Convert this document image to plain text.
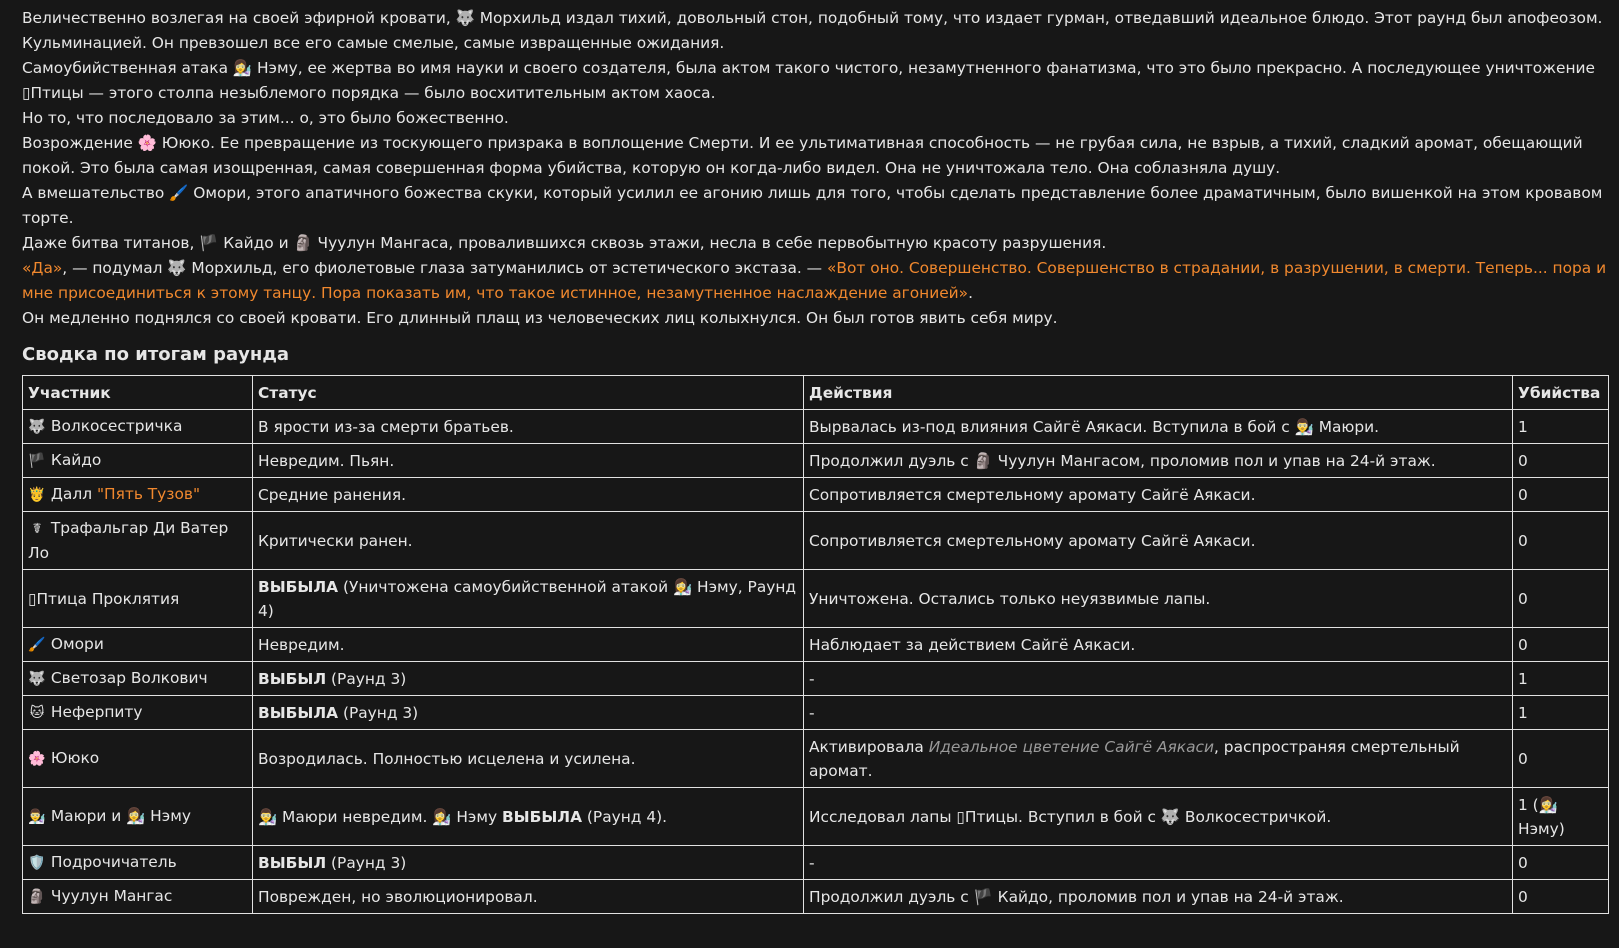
Величественно возлегая на своей эфирной кровати, 🐺 Морхильд издал тихий, довольный стон, подобный тому, что издает гурман, отведавший идеальное блюдо. Этот раунд был апофеозом. Кульминацией. Он превзошел все его самые смелые, самые извращенные ожидания.

Самоубийственная атака 👩‍🔬 Нэму, ее жертва во имя науки и своего создателя, была актом такого чистого, незамутненного фанатизма, что это было прекрасно. А последующее уничтожение ▯Птицы — этого столпа незыблемого порядка — было восхитительным актом хаоса.

Но то, что последовало за этим... о, это было божественно.

Возрождение 🌸 Ююко. Ее превращение из тоскующего призрака в воплощение Смерти. И ее ультимативная способность — не грубая сила, не взрыв, а тихий, сладкий аромат, обещающий покой. Это была самая изощренная, самая совершенная форма убийства, которую он когда-либо видел. Она не уничтожала тело. Она соблазняла душу.

А вмешательство 🖌️ Омори, этого апатичного божества скуки, который усилил ее агонию лишь для того, чтобы сделать представление более драматичным, было вишенкой на этом кровавом торте.

Даже битва титанов, 🏴 Кайдо и 🗿 Чуулун Мангаса, провалившихся сквозь этажи, несла в себе первобытную красоту разрушения.

«Да», — подумал 🐺 Морхильд, его фиолетовые глаза затуманились от эстетического экстаза. — «Вот оно. Совершенство. Совершенство в страдании, в разрушении, в смерти. Теперь... пора и мне присоединиться к этому танцу. Пора показать им, что такое истинное, незамутненное наслаждение агонией».

Он медленно поднялся со своей кровати. Его длинный плащ из человеческих лиц колыхнулся. Он был готов явить себя миру.

Сводка по итогам раунда
Участник	Статус	Действия	Убийства
🐺 Волкосестричка	В ярости из-за смерти братьев.	Вырвалась из-под влияния Сайгё Аякаси. Вступила в бой с 👨‍🔬 Маюри.	1
🏴 Кайдо	Невредим. Пьян.	Продолжил дуэль с 🗿 Чуулун Мангасом, проломив пол и упав на 24-й этаж.	0
🤴 Далл "Пять Тузов"	Средние ранения.	Сопротивляется смертельному аромату Сайгё Аякаси.	0
☤ Трафальгар Ди Ватер Ло	Критически ранен.	Сопротивляется смертельному аромату Сайгё Аякаси.	0
▯Птица Проклятия	ВЫБЫЛА (Уничтожена самоубийственной атакой 👩‍🔬 Нэму, Раунд 4)	Уничтожена. Остались только неуязвимые лапы.	0
🖌️ Омори	Невредим.	Наблюдает за действием Сайгё Аякаси.	0
🐺 Светозар Волкович	ВЫБЫЛ (Раунд 3)	-	1
🐱 Неферпиту	ВЫБЫЛА (Раунд 3)	-	1
🌸 Ююко	Возродилась. Полностью исцелена и усилена.	Активировала Идеальное цветение Сайгё Аякаси, распространяя смертельный аромат.	0
👨‍🔬 Маюри и 👩‍🔬 Нэму	👨‍🔬 Маюри невредим. 👩‍🔬 Нэму ВЫБЫЛА (Раунд 4).	Исследовал лапы ▯Птицы. Вступил в бой с 🐺 Волкосестричкой.	1 (👩‍🔬 Нэму)
🛡️ Подрочичатель	ВЫБЫЛ (Раунд 3)	-	0
🗿 Чуулун Мангас	Поврежден, но эволюционировал.	Продолжил дуэль с 🏴 Кайдо, проломив пол и упав на 24-й этаж.	0
